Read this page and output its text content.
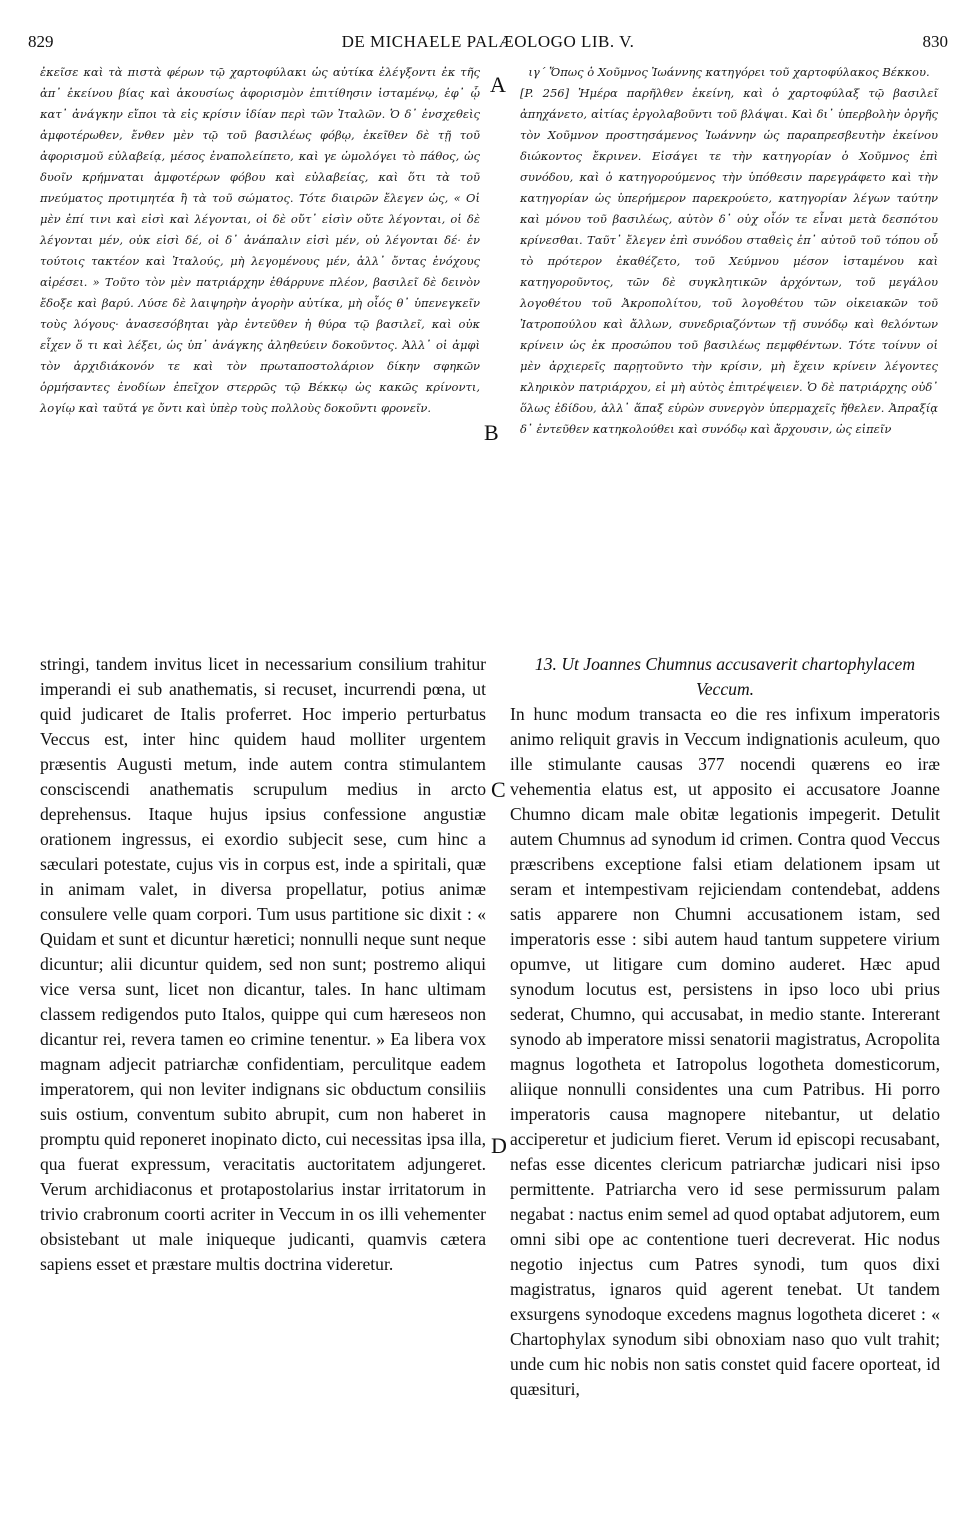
829	DE MICHAELE PALÆOLOGO LIB. V.	830

ἐκεῖσε καὶ τὰ πιστὰ φέρων τῷ χαρτοφύλακι ὡς αὐτίκα ἐλέγξοντι ἐκ τῆς ἀπ᾽ ἐκείνου βίας καὶ ἀκουσίως ἀφορισμὸν ἐπιτίθησιν ἱσταμένῳ, ἐφ᾽ ᾧ κατ᾽ ἀνάγκην εἴποι τὰ εἰς κρίσιν ἰδίαν περὶ τῶν Ἰταλῶν. Ὁ δ᾽ ἐνσχεθεὶς ἀμφοτέρωθεν, ἔνθεν μὲν τῷ τοῦ βασιλέως φόβῳ, ἐκεῖθεν δὲ τῇ τοῦ ἀφορισμοῦ εὐλαβείᾳ, μέσος ἐναπολείπετο, καὶ γε ὡμολόγει τὸ πάθος, ὡς δυοῖν κρήμναται ἀμφοτέρων φόβου καὶ εὐλαβείας, καὶ ὅτι τὰ τοῦ πνεύματος προτιμητέα ἢ τὰ τοῦ σώματος. Τότε διαιρῶν ἔλεγεν ὡς, « Οἱ μὲν ἐπί τινι καὶ εἰσὶ καὶ λέγονται, οἱ δὲ οὔτ᾽ εἰσὶν οὔτε λέγονται, οἱ δὲ λέγονται μέν, οὐκ εἰσὶ δέ, οἱ δ᾽ ἀνάπαλιν εἰσὶ μέν, οὐ λέγονται δέ· ἐν τούτοις τακτέον καὶ Ἰταλούς, μὴ λεγομένους μέν, ἀλλ᾽ ὄντας ἐνόχους αἱρέσει. » Τοῦτο τὸν μὲν πατριάρχην ἐθάρρυνε πλέον, βασιλεῖ δὲ δεινὸν ἔδοξε καὶ βαρύ. Λύσε δὲ λαιψηρὴν ἀγορὴν αὐτίκα, μὴ οἷός θ᾽ ὑπενεγκεῖν τοὺς λόγους· ἀνασεσόβηται γὰρ ἐντεῦθεν ἡ θύρα τῷ βασιλεῖ, καὶ οὐκ εἶχεν ὅ τι καὶ λέξει, ὡς ὑπ᾽ ἀνάγκης ἀληθεύειν δοκοῦντος. Ἀλλ᾽ οἱ ἀμφὶ τὸν ἀρχιδιάκονόν τε καὶ τὸν πρωταποστολάριον δίκην σφηκῶν ὁρμήσαντες ἐνοδίων ἐπεῖχον στερρῶς τῷ Βέκκῳ ὡς κακῶς κρίνοντι, λογίῳ καὶ ταῦτά γε ὄντι καὶ ὑπὲρ τοὺς πολλοὺς δοκοῦντι φρονεῖν.

ιγ´ Ὅπως ὁ Χοῦμνος Ἰωάννης κατηγόρει τοῦ χαρτοφύλακος Βέκκου.

[P. 256] Ἡμέρα παρῆλθεν ἐκείνη, καὶ ὁ χαρτοφύλαξ τῷ βασιλεῖ ἀπηχάνετο, αἰτίας ἐργολαβοῦντι τοῦ βλάψαι. Καὶ δι᾽ ὑπερβολὴν ὀργῆς τὸν Χοῦμνον προστησάμενος Ἰωάννην ὡς παραπρεσβευτὴν ἐκείνου διώκοντος ἔκρινεν. Εἰσάγει τε τὴν κατηγορίαν ὁ Χοῦμνος ἐπὶ συνόδου, καὶ ὁ κατηγορούμενος τὴν ὑπόθεσιν παρεγράφετο καὶ τὴν κατηγορίαν ὡς ὑπερήμερον παρεκρούετο, κατηγορίαν λέγων ταύτην καὶ μόνου τοῦ βασιλέως, αὐτὸν δ᾽ οὐχ οἷόν τε εἶναι μετὰ δεσπότου κρίνεσθαι. Ταῦτ᾽ ἔλεγεν ἐπὶ συνόδου σταθεὶς ἐπ᾽ αὐτοῦ τοῦ τόπου οὗ τὸ πρότερον ἐκαθέζετο, τοῦ Χεύμνου μέσον ἱσταμένου καὶ κατηγοροῦντος, τῶν δὲ συγκλητικῶν ἀρχόντων, τοῦ μεγάλου λογοθέτου τοῦ Ἀκροπολίτου, τοῦ λογοθέτου τῶν οἰκειακῶν τοῦ Ἰατροπούλου καὶ ἄλλων, συνεδριαζόντων τῇ συνόδῳ καὶ θελόντων κρίνειν ὡς ἐκ προσώπου τοῦ βασιλέως πεμφθέντων. Τότε τοίνυν οἱ μὲν ἀρχιερεῖς παρῃτοῦντο τὴν κρίσιν, μὴ ἔχειν κρίνειν λέγοντες κληρικὸν πατριάρχου, εἰ μὴ αὐτὸς ἐπιτρέψειεν. Ὁ δὲ πατριάρχης οὐδ᾽ ὅλως ἐδίδου, ἀλλ᾽ ἅπαξ εὑρὼν συνεργὸν ὑπερμαχεῖς ἤθελεν. Ἀπραξίᾳ δ᾽ ἐντεῦθεν κατηκολούθει καὶ συνόδῳ καὶ ἄρχουσιν, ὡς εἰπεῖν

stringi, tandem invitus licet in necessarium consilium trahitur imperandi ei sub anathematis, si recuset, incurrendi pœna, ut quid judicaret de Italis proferret. Hoc imperio perturbatus Veccus est, inter hinc quidem haud molliter urgentem præsentis Augusti metum, inde autem contra stimulantem consciscendi anathematis scrupulum medius in arcto deprehensus. Itaque hujus ipsius confessione angustiæ orationem ingressus, ei exordio subjecit sese, cum hinc a sæculari potestate, cujus vis in corpus est, inde a spiritali, quæ in animam valet, in diversa propellatur, potius animæ consulere velle quam corpori. Tum usus partitione sic dixit : « Quidam et sunt et dicuntur hæretici; nonnulli neque sunt neque dicuntur; alii dicuntur quidem, sed non sunt; postremo aliqui vice versa sunt, licet non dicantur, tales. In hanc ultimam classem redigendos puto Italos, quippe qui cum hæreseos non dicantur rei, revera tamen eo crimine tenentur. » Ea libera vox magnam adjecit patriarchæ confidentiam, perculitque eadem imperatorem, qui non leviter indignans sic obductum consiliis suis ostium, conventum subito abrupit, cum non haberet in promptu quid reponeret inopinato dicto, cui necessitas ipsa illa, qua fuerat expressum, veracitatis auctoritatem adjungeret. Verum archidiaconus et protapostolarius instar irritatorum in trivio crabronum coorti acriter in Veccum in os illi vehementer obsistebant ut male iniqueque judicanti, quamvis cætera sapiens esset et præstare multis doctrina videretur.

13. Ut Joannes Chumnus accusaverit chartophylacem Veccum.

In hunc modum transacta eo die res infixum imperatoris animo reliquit gravis in Veccum indignationis aculeum, quo ille stimulante causas 377 nocendi quærens eo iræ vehementia elatus est, ut apposito ei accusatore Joanne Chumno dicam male obitæ legationis impegerit. Detulit autem Chumnus ad synodum id crimen. Contra quod Veccus præscribens exceptione falsi etiam delationem ipsam ut seram et intempestivam rejiciendam contendebat, addens satis apparere non Chumni accusationem istam, sed imperatoris esse : sibi autem haud tantum suppetere virium opumve, ut litigare cum domino auderet. Hæc apud synodum locutus est, persistens in ipso loco ubi prius sederat, Chumno, qui accusabat, in medio stante. Intererant synodo ab imperatore missi senatorii magistratus, Acropolita magnus logotheta et Iatropolus logotheta domesticorum, aliique nonnulli considentes una cum Patribus. Hi porro imperatoris causa magnopere nitebantur, ut delatio acciperetur et judicium fieret. Verum id episcopi recusabant, nefas esse dicentes clericum patriarchæ judicari nisi ipso permittente. Patriarcha vero id sese permissurum palam negabat : nactus enim semel ad quod optabat adjutorem, eum omni sibi ope ac contentione tueri decreverat. Hic nodus negotio injectus cum Patres synodi, tum quos dixi magistratus, ignaros quid agerent tenebat. Ut tandem exsurgens synodoque excedens magnus logotheta diceret : « Chartophylax synodum sibi obnoxiam naso quo vult trahit; unde cum hic nobis non satis constet quid facere oporteat, id quæsituri,

A
B
C
D
